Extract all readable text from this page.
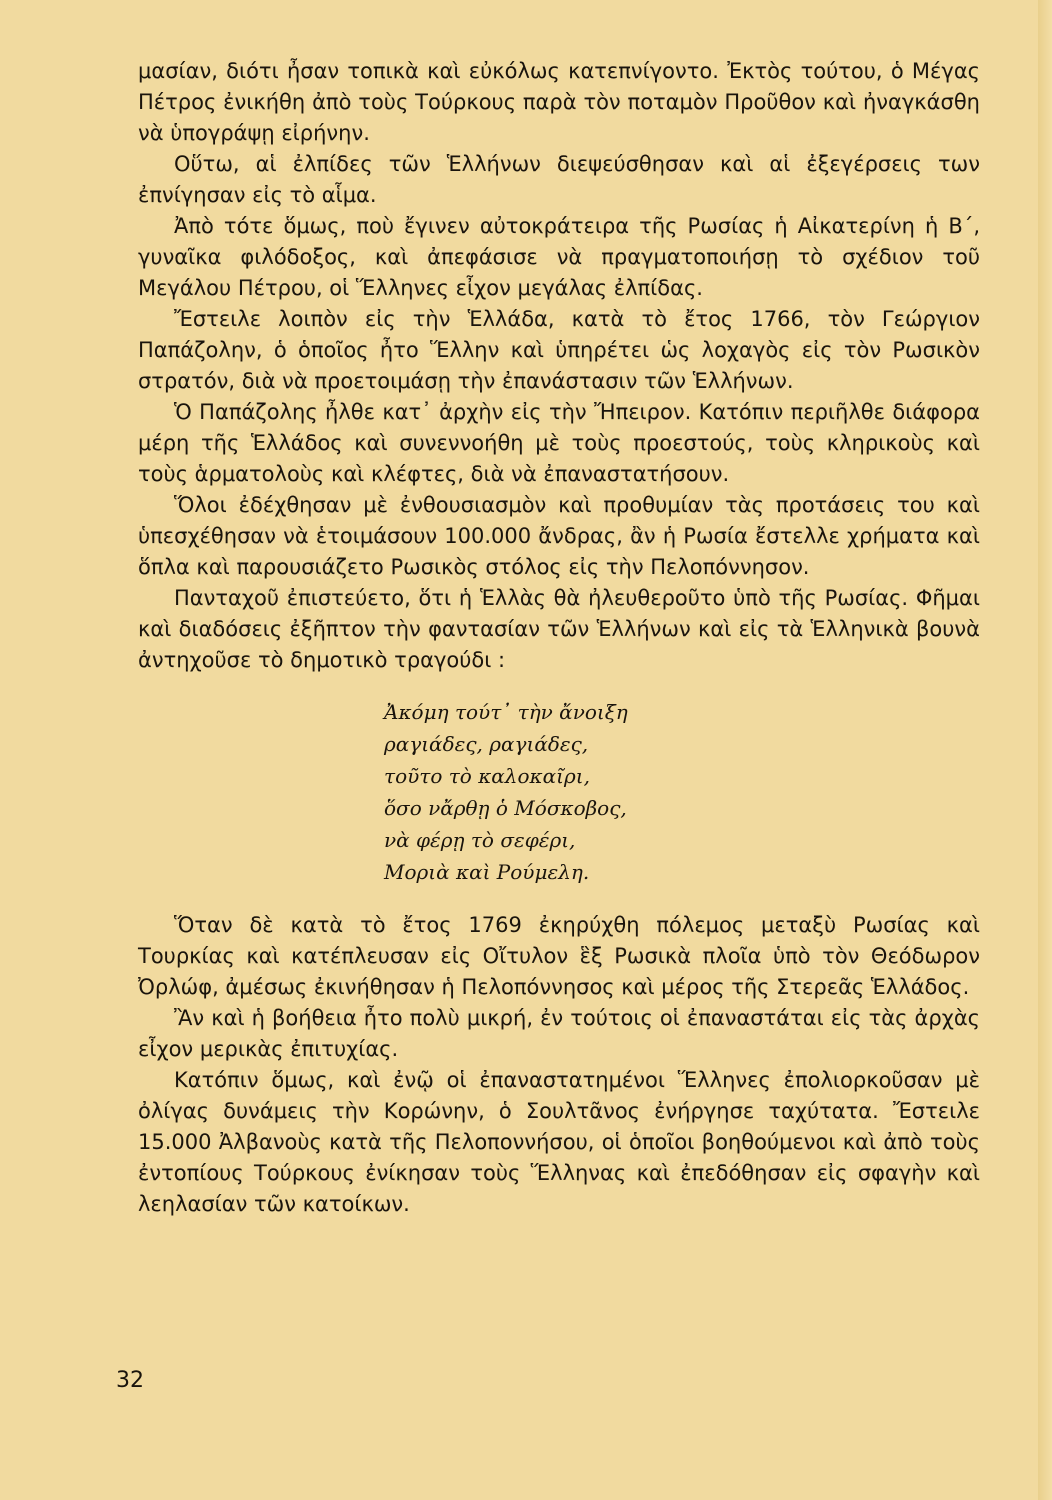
μασίαν, διότι ἦσαν τοπικὰ καὶ εὐκόλως κατεπνίγοντο. Ἐκτὸς τούτου, ὁ Μέγας Πέτρος ἐνικήθη ἀπὸ τοὺς Τούρκους παρὰ τὸν ποταμὸν Προῦθον καὶ ἠναγκάσθη νὰ ὑπογράψῃ εἰρήνην.

Οὕτω, αἱ ἐλπίδες τῶν Ἑλλήνων διεψεύσθησαν καὶ αἱ ἐξεγέρσεις των ἐπνίγησαν εἰς τὸ αἷμα.

Ἀπὸ τότε ὅμως, ποὺ ἔγινεν αὐτοκράτειρα τῆς Ρωσίας ἡ Αἰκατερίνη ἡ Β΄, γυναῖκα φιλόδοξος, καὶ ἀπεφάσισε νὰ πραγματοποιήσῃ τὸ σχέδιον τοῦ Μεγάλου Πέτρου, οἱ Ἕλληνες εἶχον μεγάλας ἐλπίδας.

Ἔστειλε λοιπὸν εἰς τὴν Ἑλλάδα, κατὰ τὸ ἔτος 1766, τὸν Γεώργιον Παπάζολην, ὁ ὁποῖος ἦτο Ἕλλην καὶ ὑπηρέτει ὡς λοχαγὸς εἰς τὸν Ρωσικὸν στρατόν, διὰ νὰ προετοιμάσῃ τὴν ἐπανάστασιν τῶν Ἑλλήνων.

Ὁ Παπάζολης ἦλθε κατ᾽ ἀρχὴν εἰς τὴν Ἤπειρον. Κατόπιν περιῆλθε διάφορα μέρη τῆς Ἑλλάδος καὶ συνεννοήθη μὲ τοὺς προεστούς, τοὺς κληρικοὺς καὶ τοὺς ἁρματολοὺς καὶ κλέφτες, διὰ νὰ ἐπαναστατήσουν.

Ὅλοι ἐδέχθησαν μὲ ἐνθουσιασμὸν καὶ προθυμίαν τὰς προτάσεις του καὶ ὑπεσχέθησαν νὰ ἑτοιμάσουν 100.000 ἄνδρας, ἂν ἡ Ρωσία ἔστελλε χρήματα καὶ ὅπλα καὶ παρουσιάζετο Ρωσικὸς στόλος εἰς τὴν Πελοπόννησον.

Πανταχοῦ ἐπιστεύετο, ὅτι ἡ Ἑλλὰς θὰ ἠλευθεροῦτο ὑπὸ τῆς Ρωσίας. Φῆμαι καὶ διαδόσεις ἐξῆπτον τὴν φαντασίαν τῶν Ἑλλήνων καὶ εἰς τὰ Ἑλληνικὰ βουνὰ ἀντηχοῦσε τὸ δημοτικὸ τραγούδι :

Ἀκόμη τούτ᾽ τὴν ἄνοιξη
ραγιάδες, ραγιάδες,
τοῦτο τὸ καλοκαῖρι,
ὅσο νἄρθῃ ὁ Μόσκοβος,
νὰ φέρῃ τὸ σεφέρι,
Μοριὰ καὶ Ρούμελη.

Ὅταν δὲ κατὰ τὸ ἔτος 1769 ἐκηρύχθη πόλεμος μεταξὺ Ρωσίας καὶ Τουρκίας καὶ κατέπλευσαν εἰς Οἴτυλον ἓξ Ρωσικὰ πλοῖα ὑπὸ τὸν Θεόδωρον Ὀρλώφ, ἀμέσως ἐκινήθησαν ἡ Πελοπόννησος καὶ μέρος τῆς Στερεᾶς Ἑλλάδος.

Ἂν καὶ ἡ βοήθεια ἦτο πολὺ μικρή, ἐν τούτοις οἱ ἐπαναστάται εἰς τὰς ἀρχὰς εἶχον μερικὰς ἐπιτυχίας.

Κατόπιν ὅμως, καὶ ἐνῷ οἱ ἐπαναστατημένοι Ἕλληνες ἐπολιορκοῦσαν μὲ ὀλίγας δυνάμεις τὴν Κορώνην, ὁ Σουλτᾶνος ἐνήργησε ταχύτατα. Ἔστειλε 15.000 Ἀλβανοὺς κατὰ τῆς Πελοποννήσου, οἱ ὁποῖοι βοηθούμενοι καὶ ἀπὸ τοὺς ἐντοπίους Τούρκους ἐνίκησαν τοὺς Ἕλληνας καὶ ἐπεδόθησαν εἰς σφαγὴν καὶ λεηλασίαν τῶν κατοίκων.

32
